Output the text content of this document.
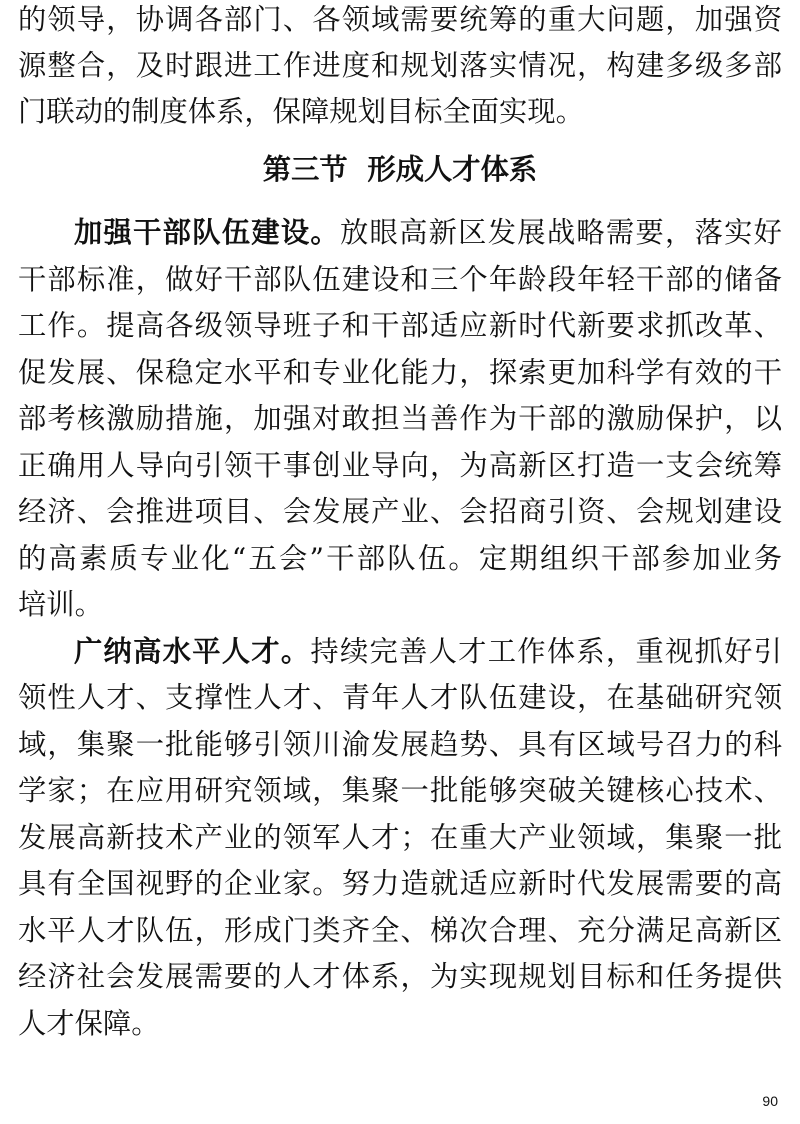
的领导，协调各部门、各领域需要统筹的重大问题，加强资
源整合，及时跟进工作进度和规划落实情况，构建多级多部
门联动的制度体系，保障规划目标全面实现。
第三节  形成人才体系
加强干部队伍建设。放眼高新区发展战略需要，落实好
干部标准，做好干部队伍建设和三个年龄段年轻干部的储备
工作。提高各级领导班子和干部适应新时代新要求抓改革、
促发展、保稳定水平和专业化能力，探索更加科学有效的干
部考核激励措施，加强对敢担当善作为干部的激励保护，以
正确用人导向引领干事创业导向，为高新区打造一支会统筹
经济、会推进项目、会发展产业、会招商引资、会规划建设
的高素质专业化“五会”干部队伍。定期组织干部参加业务
培训。
广纳高水平人才。持续完善人才工作体系，重视抓好引
领性人才、支撑性人才、青年人才队伍建设，在基础研究领
域，集聚一批能够引领川渝发展趋势、具有区域号召力的科
学家；在应用研究领域，集聚一批能够突破关键核心技术、
发展高新技术产业的领军人才；在重大产业领域，集聚一批
具有全国视野的企业家。努力造就适应新时代发展需要的高
水平人才队伍，形成门类齐全、梯次合理、充分满足高新区
经济社会发展需要的人才体系，为实现规划目标和任务提供
人才保障。
90
